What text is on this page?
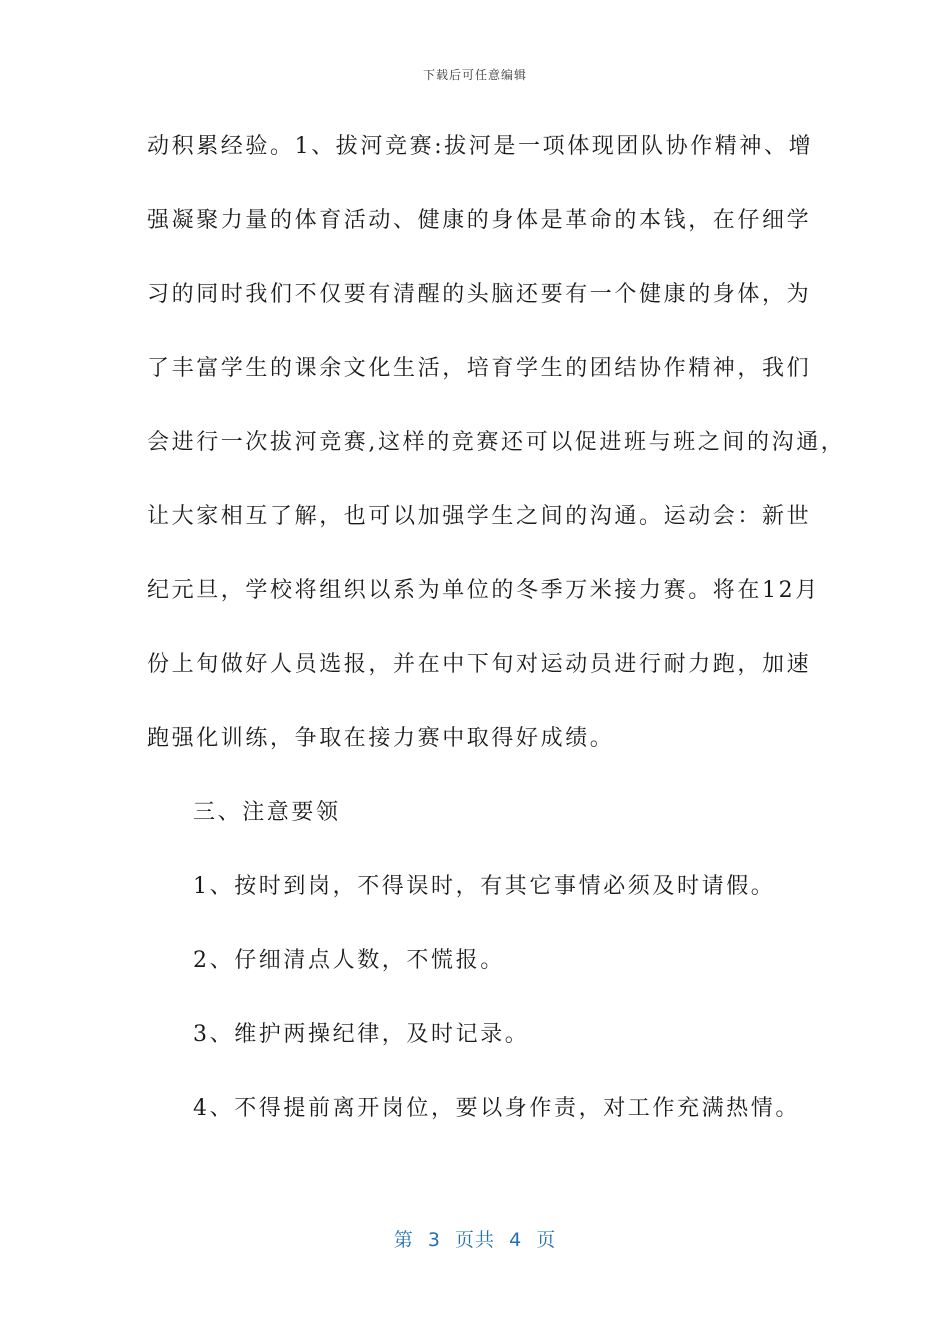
下载后可任意编辑
动积累经验。1、拔河竞赛:拔河是一项体现团队协作精神、增
强凝聚力量的体育活动、健康的身体是革命的本钱，在仔细学
习的同时我们不仅要有清醒的头脑还要有一个健康的身体，为
了丰富学生的课余文化生活，培育学生的团结协作精神，我们
会进行一次拔河竞赛,这样的竞赛还可以促进班与班之间的沟通，
让大家相互了解，也可以加强学生之间的沟通。运动会：新世
纪元旦，学校将组织以系为单位的冬季万米接力赛。将在12月
份上旬做好人员选报，并在中下旬对运动员进行耐力跑，加速
跑强化训练，争取在接力赛中取得好成绩。
三、注意要领
1、按时到岗，不得误时，有其它事情必须及时请假。
2、仔细清点人数，不慌报。
3、维护两操纪律，及时记录。
4、不得提前离开岗位，要以身作责，对工作充满热情。
第  3  页共  4  页
